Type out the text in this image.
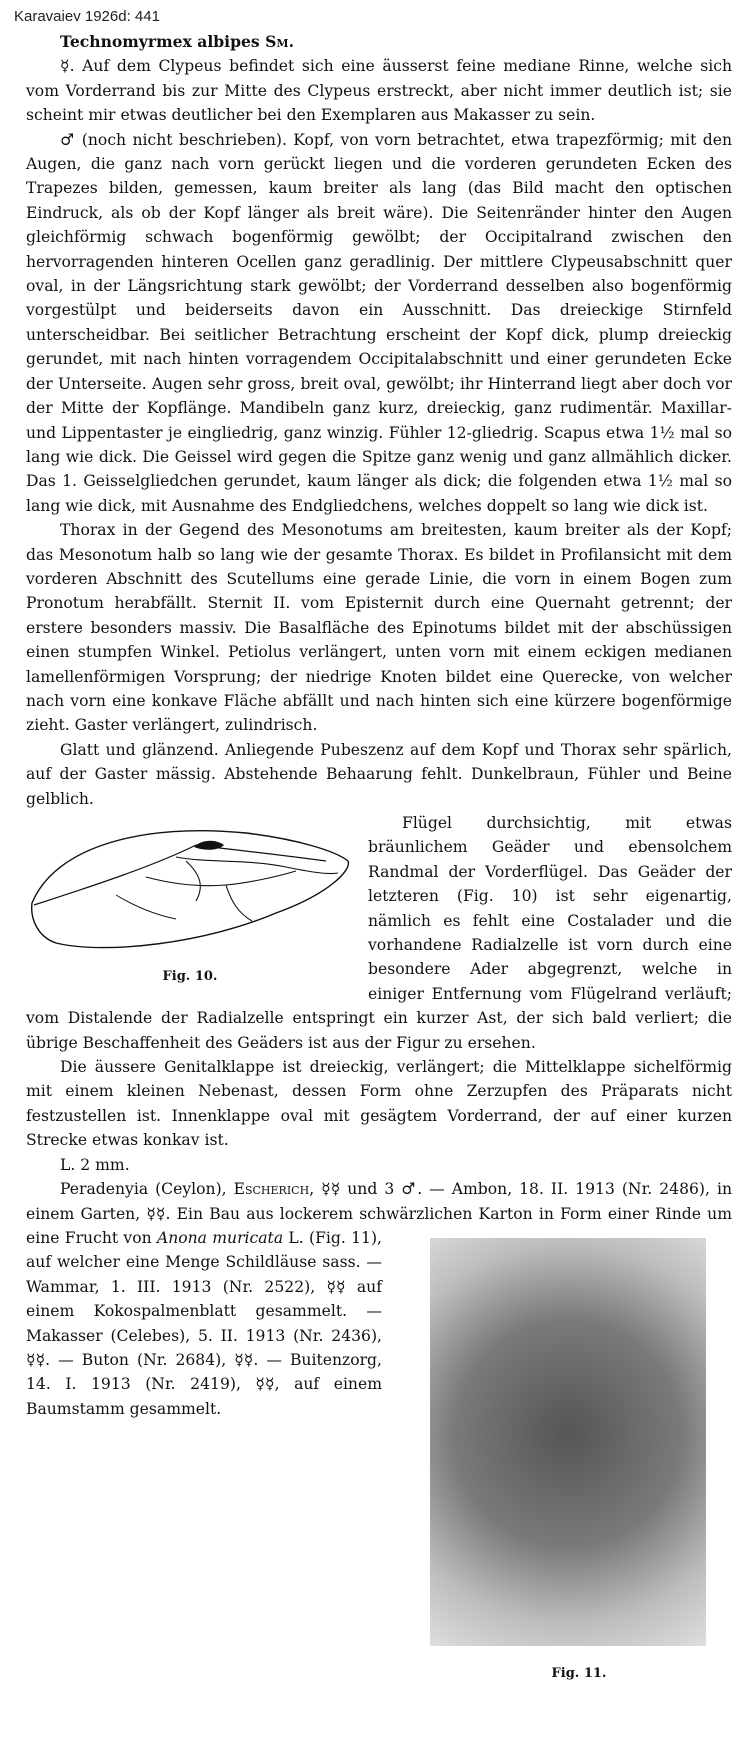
Karavaiev 1926d: 441

Technomyrmex albipes Sm.

☿. Auf dem Clypeus befindet sich eine äusserst feine mediane Rinne, welche sich vom Vorderrand bis zur Mitte des Clypeus erstreckt, aber nicht immer deutlich ist; sie scheint mir etwas deutlicher bei den Exemplaren aus Makasser zu sein.

♂ (noch nicht beschrieben). Kopf, von vorn betrachtet, etwa trapezförmig; mit den Augen, die ganz nach vorn gerückt liegen und die vorderen gerundeten Ecken des Trapezes bilden, gemessen, kaum breiter als lang (das Bild macht den optischen Eindruck, als ob der Kopf länger als breit wäre). Die Seitenränder hinter den Augen gleichförmig schwach bogenförmig gewölbt; der Occipitalrand zwischen den hervorragenden hinteren Ocellen ganz geradlinig. Der mittlere Clypeusabschnitt quer oval, in der Längsrichtung stark gewölbt; der Vorderrand desselben also bogenförmig vorgestülpt und beiderseits davon ein Ausschnitt. Das dreieckige Stirnfeld unterscheidbar. Bei seitlicher Betrachtung erscheint der Kopf dick, plump dreieckig gerundet, mit nach hinten vorragendem Occipitalabschnitt und einer gerundeten Ecke der Unterseite. Augen sehr gross, breit oval, gewölbt; ihr Hinterrand liegt aber doch vor der Mitte der Kopflänge. Mandibeln ganz kurz, dreieckig, ganz rudimentär. Maxillar- und Lippentaster je eingliedrig, ganz winzig. Fühler 12-gliedrig. Scapus etwa 1½ mal so lang wie dick. Die Geissel wird gegen die Spitze ganz wenig und ganz allmählich dicker. Das 1. Geisselgliedchen gerundet, kaum länger als dick; die folgenden etwa 1½ mal so lang wie dick, mit Ausnahme des Endgliedchens, welches doppelt so lang wie dick ist.

Thorax in der Gegend des Mesonotums am breitesten, kaum breiter als der Kopf; das Mesonotum halb so lang wie der gesamte Thorax. Es bildet in Profilansicht mit dem vorderen Abschnitt des Scutellums eine gerade Linie, die vorn in einem Bogen zum Pronotum herabfällt. Sternit II. vom Episternit durch eine Quernaht getrennt; der erstere besonders massiv. Die Basalfläche des Epinotums bildet mit der abschüssigen einen stumpfen Winkel. Petiolus verlängert, unten vorn mit einem eckigen medianen lamellenförmigen Vorsprung; der niedrige Knoten bildet eine Querecke, von welcher nach vorn eine konkave Fläche abfällt und nach hinten sich eine kürzere bogenförmige zieht. Gaster verlängert, zulindrisch.

Glatt und glänzend. Anliegende Pubeszenz auf dem Kopf und Thorax sehr spärlich, auf der Gaster mässig. Abstehende Behaarung fehlt. Dunkelbraun, Fühler und Beine gelblich.

Fig. 10.

Flügel durchsichtig, mit etwas bräunlichem Geäder und ebensolchem Randmal der Vorderflügel. Das Geäder der letzteren (Fig. 10) ist sehr eigenartig, nämlich es fehlt eine Costalader und die vorhandene Radialzelle ist vorn durch eine besondere Ader abgegrenzt, welche in einiger Entfernung vom Flügelrand verläuft; vom Distalende der Radialzelle entspringt ein kurzer Ast, der sich bald verliert; die übrige Beschaffenheit des Geäders ist aus der Figur zu ersehen.

Die äussere Genitalklappe ist dreieckig, verlängert; die Mittelklappe sichelförmig mit einem kleinen Nebenast, dessen Form ohne Zerzupfen des Präparats nicht festzustellen ist. Innenklappe oval mit gesägtem Vorderrand, der auf einer kurzen Strecke etwas konkav ist.

L. 2 mm.

Peradenyia (Ceylon), Escherich, ☿☿ und 3 ♂. — Ambon, 18. II. 1913 (Nr. 2486), in einem Garten, ☿☿. Ein Bau aus lockerem schwärzlichen Karton in Form einer Rinde um eine Frucht von
Fig. 11.
Anona muricata L. (Fig. 11), auf welcher eine Menge Schildläuse sass. — Wammar, 1. III. 1913 (Nr. 2522), ☿☿ auf einem Kokospalmenblatt gesammelt. — Makasser (Celebes), 5. II. 1913 (Nr. 2436), ☿☿. — Buton (Nr. 2684), ☿☿. — Buitenzorg, 14. I. 1913 (Nr. 2419), ☿☿, auf einem Baumstamm gesammelt.
